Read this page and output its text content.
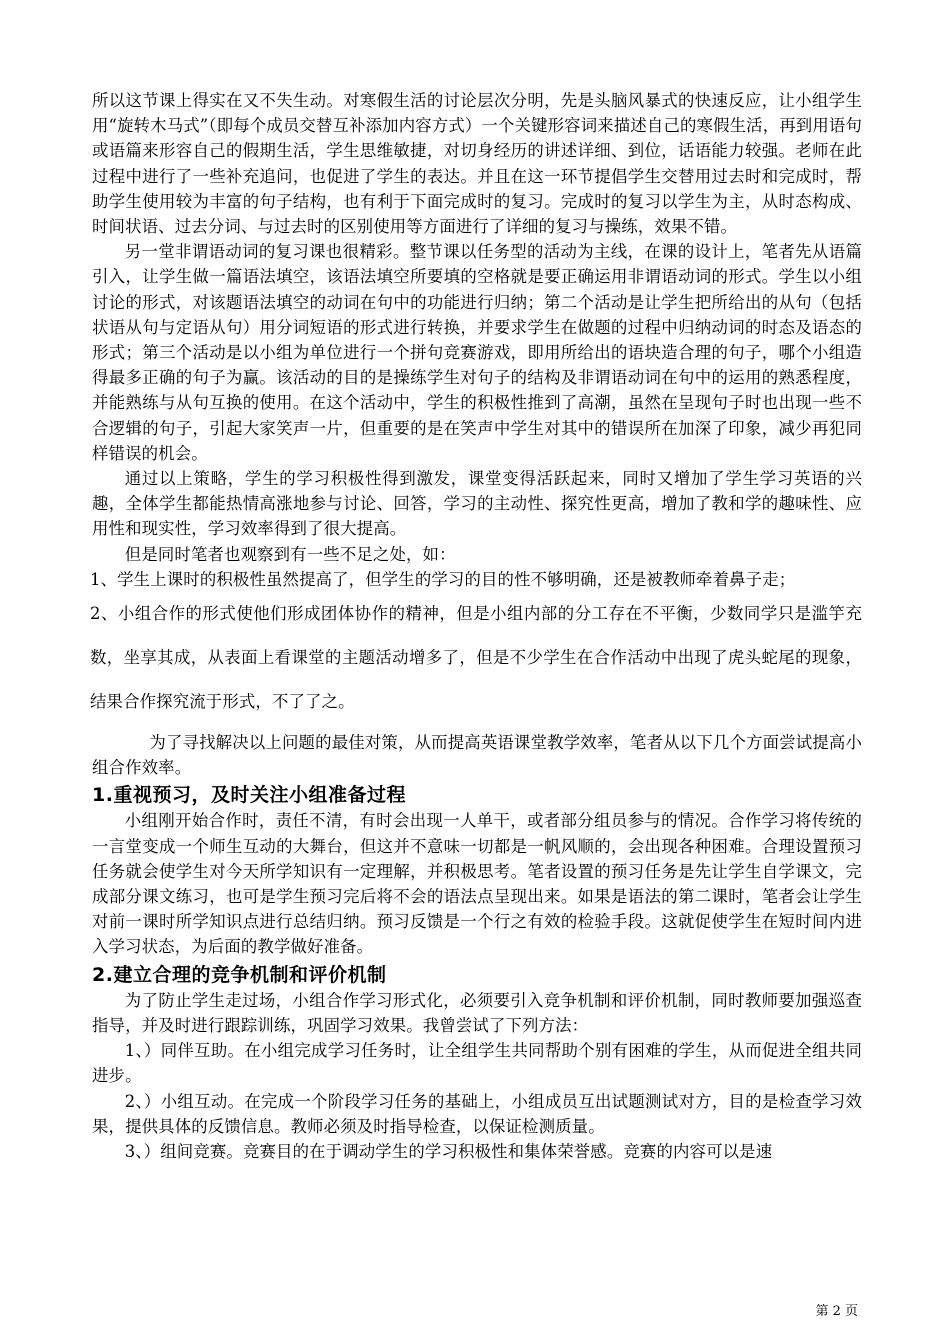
所以这节课上得实在又不失生动。对寒假生活的讨论层次分明，先是头脑风暴式的快速反应，让小组学生用“旋转木马式”（即每个成员交替互补添加内容方式）一个关键形容词来描述自己的寒假生活，再到用语句或语篇来形容自己的假期生活，学生思维敏捷，对切身经历的讲述详细、到位，话语能力较强。老师在此过程中进行了一些补充追问，也促进了学生的表达。并且在这一环节提倡学生交替用过去时和完成时，帮助学生使用较为丰富的句子结构，也有利于下面完成时的复习。完成时的复习以学生为主，从时态构成、时间状语、过去分词、与过去时的区别使用等方面进行了详细的复习与操练，效果不错。

另一堂非谓语动词的复习课也很精彩。整节课以任务型的活动为主线，在课的设计上，笔者先从语篇引入，让学生做一篇语法填空，该语法填空所要填的空格就是要正确运用非谓语动词的形式。学生以小组讨论的形式，对该题语法填空的动词在句中的功能进行归纳；第二个活动是让学生把所给出的从句（包括状语从句与定语从句）用分词短语的形式进行转换，并要求学生在做题的过程中归纳动词的时态及语态的形式；第三个活动是以小组为单位进行一个拼句竞赛游戏，即用所给出的语块造合理的句子，哪个小组造得最多正确的句子为赢。该活动的目的是操练学生对句子的结构及非谓语动词在句中的运用的熟悉程度，并能熟练与从句互换的使用。在这个活动中，学生的积极性推到了高潮，虽然在呈现句子时也出现一些不合逻辑的句子，引起大家笑声一片，但重要的是在笑声中学生对其中的错误所在加深了印象，减少再犯同样错误的机会。

通过以上策略，学生的学习积极性得到激发，课堂变得活跃起来，同时又增加了学生学习英语的兴趣，全体学生都能热情高涨地参与讨论、回答，学习的主动性、探究性更高，增加了教和学的趣味性、应用性和现实性，学习效率得到了很大提高。

但是同时笔者也观察到有一些不足之处，如：

1、学生上课时的积极性虽然提高了，但学生的学习的目的性不够明确，还是被教师牵着鼻子走；

2、小组合作的形式使他们形成团体协作的精神，但是小组内部的分工存在不平衡，少数同学只是滥竽充数，坐享其成，从表面上看课堂的主题活动增多了，但是不少学生在合作活动中出现了虎头蛇尾的现象，结果合作探究流于形式，不了了之。

为了寻找解决以上问题的最佳对策，从而提高英语课堂教学效率，笔者从以下几个方面尝试提高小组合作效率。

1.重视预习，及时关注小组准备过程

小组刚开始合作时，责任不清，有时会出现一人单干，或者部分组员参与的情况。合作学习将传统的一言堂变成一个师生互动的大舞台，但这并不意味一切都是一帆风顺的，会出现各种困难。合理设置预习任务就会使学生对今天所学知识有一定理解，并积极思考。笔者设置的预习任务是先让学生自学课文，完成部分课文练习，也可是学生预习完后将不会的语法点呈现出来。如果是语法的第二课时，笔者会让学生对前一课时所学知识点进行总结归纳。预习反馈是一个行之有效的检验手段。这就促使学生在短时间内进入学习状态，为后面的教学做好准备。

2.建立合理的竞争机制和评价机制

为了防止学生走过场，小组合作学习形式化，必须要引入竞争机制和评价机制，同时教师要加强巡查指导，并及时进行跟踪训练，巩固学习效果。我曾尝试了下列方法：

1、）同伴互助。在小组完成学习任务时，让全组学生共同帮助个别有困难的学生，从而促进全组共同进步。

2、）小组互动。在完成一个阶段学习任务的基础上，小组成员互出试题测试对方，目的是检查学习效果，提供具体的反馈信息。教师必须及时指导检查，以保证检测质量。

3、）组间竞赛。竞赛目的在于调动学生的学习积极性和集体荣誉感。竞赛的内容可以是速

第 2 页
